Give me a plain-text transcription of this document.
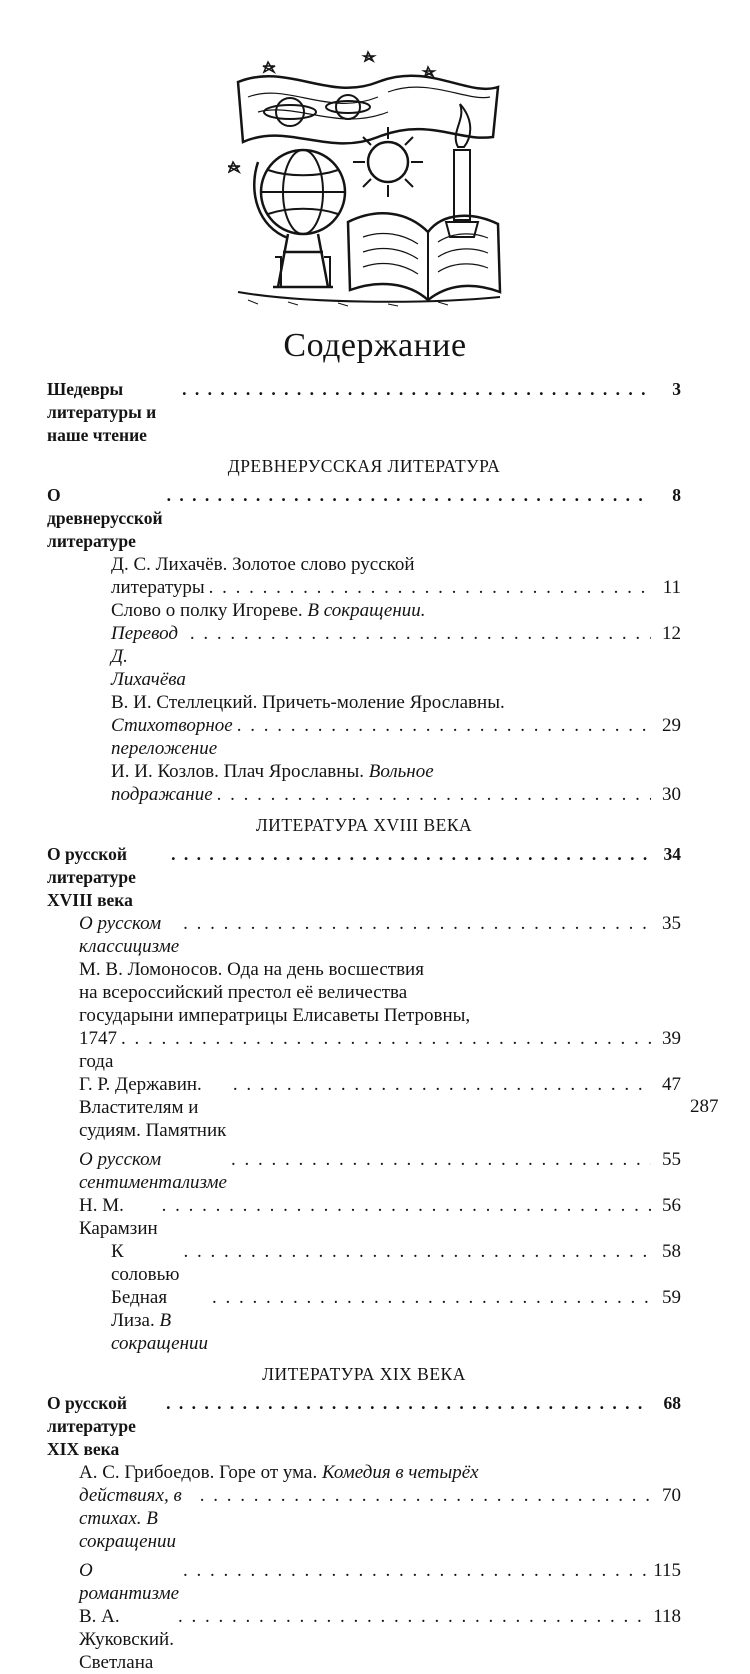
Содержание
Шедевры литературы и наше чтение
. . .
3
ДРЕВНЕРУССКАЯ ЛИТЕРАТУРА
О древнерусской литературе
. . .
8
Д. С. Лихачёв. Золотое слово русской
литературы . . .	11
Слово о полку Игореве. В сокращении.
Перевод Д. Лихачёва
. . .
12
В. И. Стеллецкий. Причеть-моление Ярославны.
Стихотворное переложение
. . .
29
И. И. Козлов. Плач Ярославны. Вольное
подражание . . .	30
ЛИТЕРАТУРА XVIII ВЕКА
О русской литературе XVIII века
. . .
34
О русском классицизме
. . .
35
М. В. Ломоносов. Ода на день восшествия
на всероссийский престол её величества
государыни императрицы Елисаветы Петровны,
1747 года
. . .
39
Г. Р. Державин. Властителям и судиям. Памятник
. . .
47
О русском сентиментализме
. . .
55
Н. М. Карамзин
. . .
56
К соловью
. . .
58
Бедная Лиза. В сокращении
. . .
59
ЛИТЕРАТУРА XIX ВЕКА
О русской литературе XIX века
. . .
68
А. С. Грибоедов. Горе от ума. Комедия в четырёх
действиях, в стихах. В сокращении
. . .
70
О романтизме
. . .
115
В. А. Жуковский. Светлана
. . .
118
287
